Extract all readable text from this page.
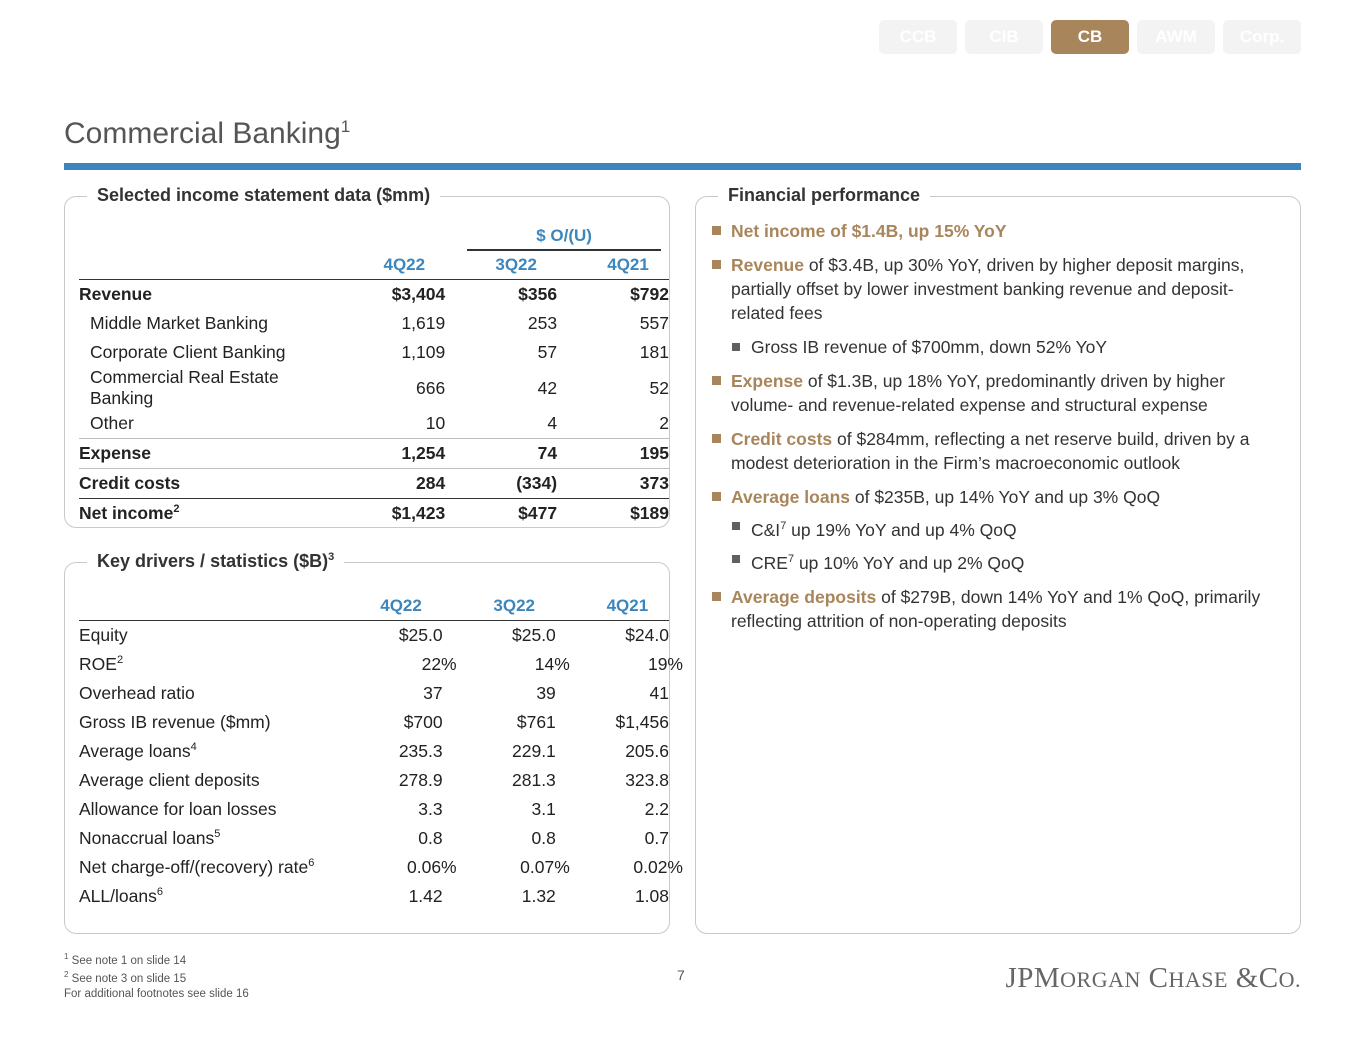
CCB	CIB	CB	AWM	Corp.
Commercial Banking$^1$
Selected income statement data ($mm)
		$ O/(U)	
	4Q22	3Q22	4Q21
Revenue	$3,404	$356	$792
Middle Market Banking	1,619	253	557
Corporate Client Banking	1,109	57	181
Commercial Real Estate Banking	666	42	52
Other	10	4	2
Expense	1,254	74	195
Credit costs	284	(334)	373
Net income$^2$	$1,423	$477	$189
Key drivers / statistics ($B)$^3$
	4Q22	3Q22	4Q21
Equity	$25.0	$25.0	$24.0
ROE$^2$	22%	14%	19%
Overhead ratio	37	39	41
Gross IB revenue ($mm)	$700	$761	$1,456
Average loans$^4$	235.3	229.1	205.6
Average client deposits	278.9	281.3	323.8
Allowance for loan losses	3.3	3.1	2.2
Nonaccrual loans$^5$	0.8	0.8	0.7
Net charge-off/(recovery) rate$^6$	0.06%	0.07%	0.02%
ALL/loans$^6$	1.42	1.32	1.08
Financial performance
Net income of $1.4B, up 15% YoY
Revenue of $3.4B, up 30% YoY, driven by higher deposit margins, partially offset by lower investment banking revenue and deposit-related fees
Gross IB revenue of $700mm, down 52% YoY
Expense of $1.3B, up 18% YoY, predominantly driven by higher volume- and revenue-related expense and structural expense
Credit costs of $284mm, reflecting a net reserve build, driven by a modest deterioration in the Firm’s macroeconomic outlook
Average loans of $235B, up 14% YoY and up 3% QoQ
$C\&I^7$ up 19% YoY and up 4% QoQ
CRE$^7$ up 10% YoY and up 2% QoQ
Average deposits of $279B, down 14% YoY and 1% QoQ, primarily reflecting attrition of non-operating deposits
$^1$ See note 1 on slide 14
$^2$ See note 3 on slide 15
For additional footnotes see slide 16
7	JPMORGAN CHASE &CO.
